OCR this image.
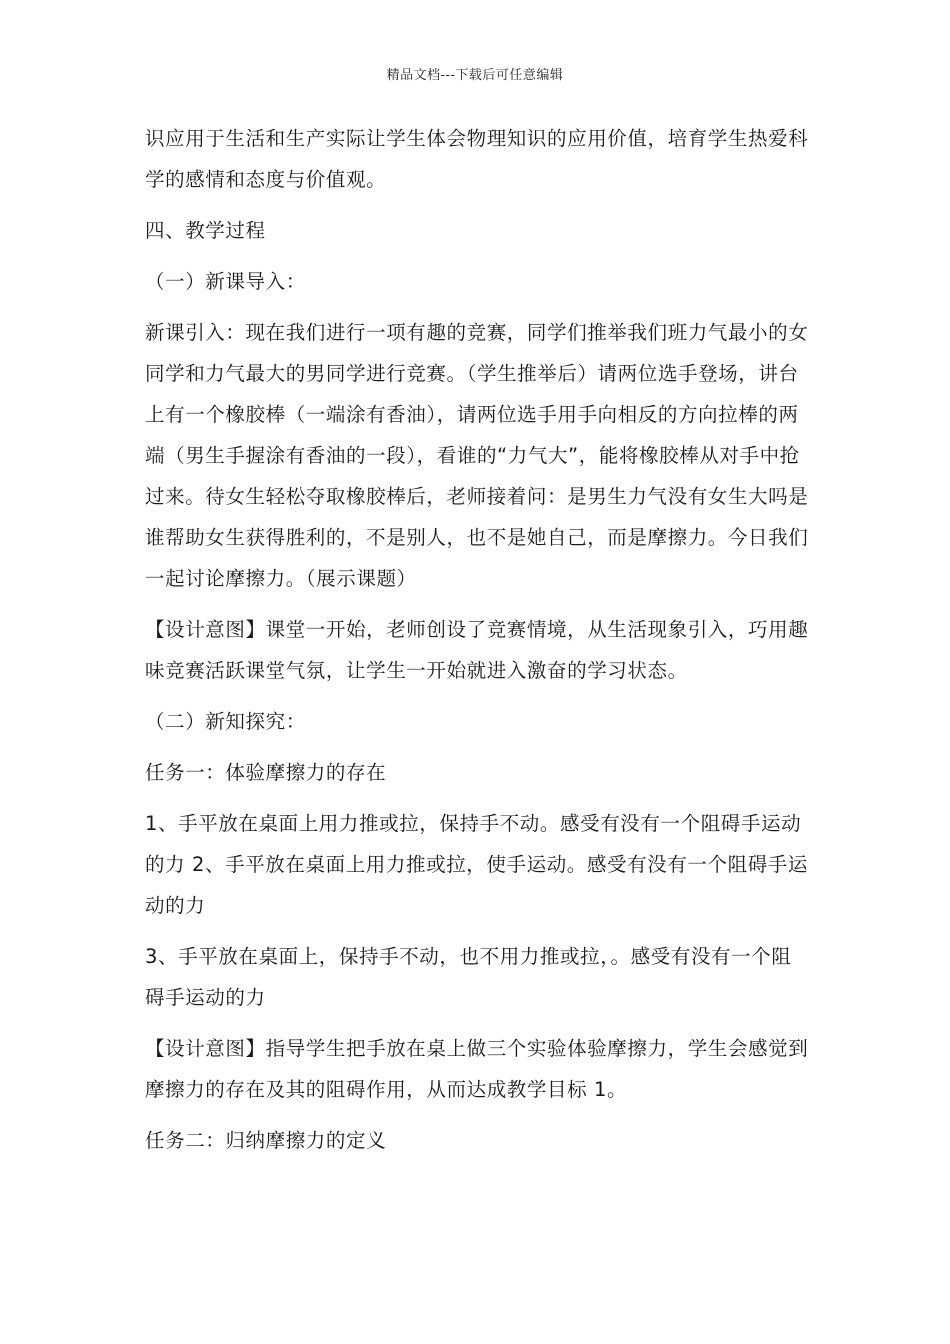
精品文档---下载后可任意编辑

识应用于生活和生产实际让学生体会物理知识的应用价值，培育学生热爱科学的感情和态度与价值观。

四、教学过程

（一）新课导入：

新课引入：现在我们进行一项有趣的竞赛，同学们推举我们班力气最小的女同学和力气最大的男同学进行竞赛。（学生推举后）请两位选手登场，讲台上有一个橡胶棒（一端涂有香油），请两位选手用手向相反的方向拉棒的两端（男生手握涂有香油的一段），看谁的“力气大”，能将橡胶棒从对手中抢过来。待女生轻松夺取橡胶棒后，老师接着问：是男生力气没有女生大吗是谁帮助女生获得胜利的，不是别人，也不是她自己，而是摩擦力。今日我们一起讨论摩擦力。（展示课题）

【设计意图】课堂一开始，老师创设了竞赛情境，从生活现象引入，巧用趣味竞赛活跃课堂气氛，让学生一开始就进入激奋的学习状态。

（二）新知探究：

任务一：体验摩擦力的存在

1、手平放在桌面上用力推或拉，保持手不动。感受有没有一个阻碍手运动的力 2、手平放在桌面上用力推或拉，使手运动。感受有没有一个阻碍手运动的力

3、手平放在桌面上，保持手不动，也不用力推或拉，。感受有没有一个阻碍手运动的力

【设计意图】指导学生把手放在桌上做三个实验体验摩擦力，学生会感觉到摩擦力的存在及其的阻碍作用，从而达成教学目标 1。

任务二：归纳摩擦力的定义
